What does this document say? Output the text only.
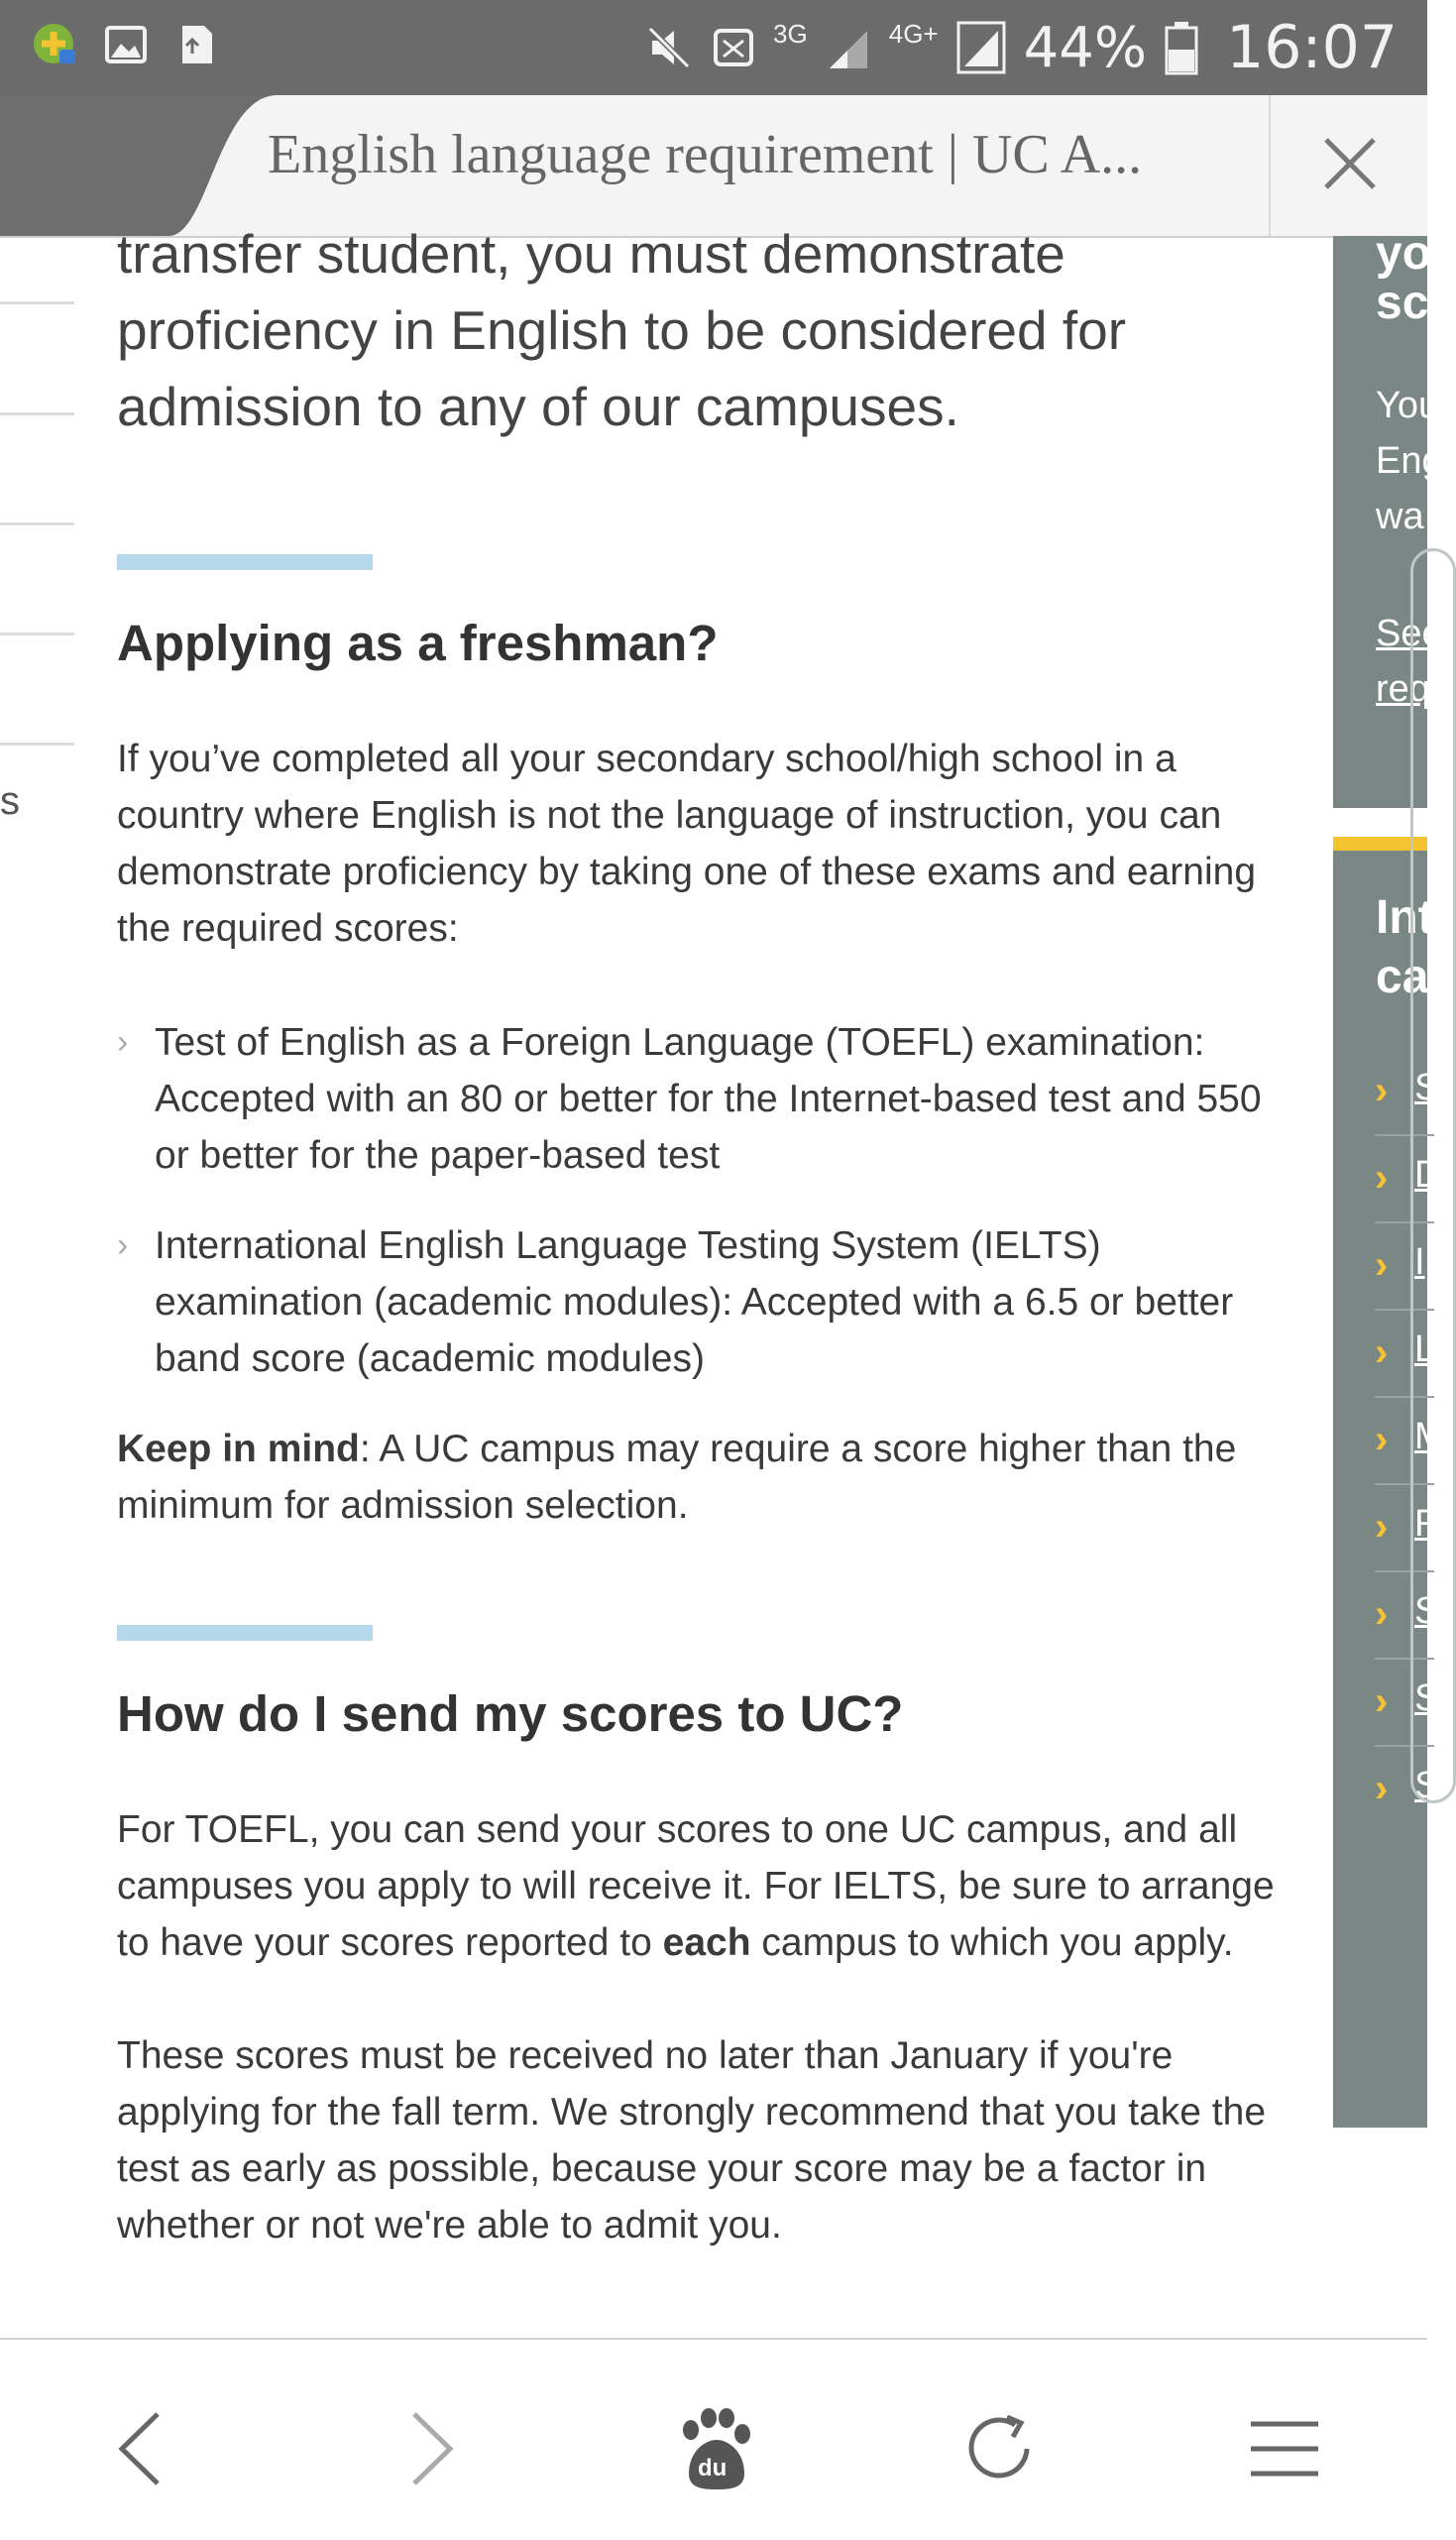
3G	4G+ 44% 16:07
English language requirement | UC A...
s

transfer student, you must demonstrate proficiency in English to be considered for admission to any of our campuses.

Applying as a freshman?

If you’ve completed all your secondary school/high school in a country where English is not the language of instruction, you can demonstrate proficiency by taking one of these exams and earning the required scores:

› Test of English as a Foreign Language (TOEFL) examination: Accepted with an 80 or better for the Internet-based test and 550 or better for the paper-based test
› International English Language Testing System (IELTS) examination (academic modules): Accepted with a 6.5 or better band score (academic modules)

Keep in mind: A UC campus may require a score higher than the minimum for admission selection.

How do I send my scores to UC?

For TOEFL, you can send your scores to one UC campus, and all campuses you apply to will receive it. For IELTS, be sure to arrange to have your scores reported to each campus to which you apply.

These scores must be received no later than January if you're applying for the fall term. We strongly recommend that you take the test as early as possible, because your score may be a factor in whether or not we're able to admit you.

yo
scl
You
Eng
wa
See
req
Int
ca
› S
› D
› I
› L
› M
› R
› S
› S
› S
du
